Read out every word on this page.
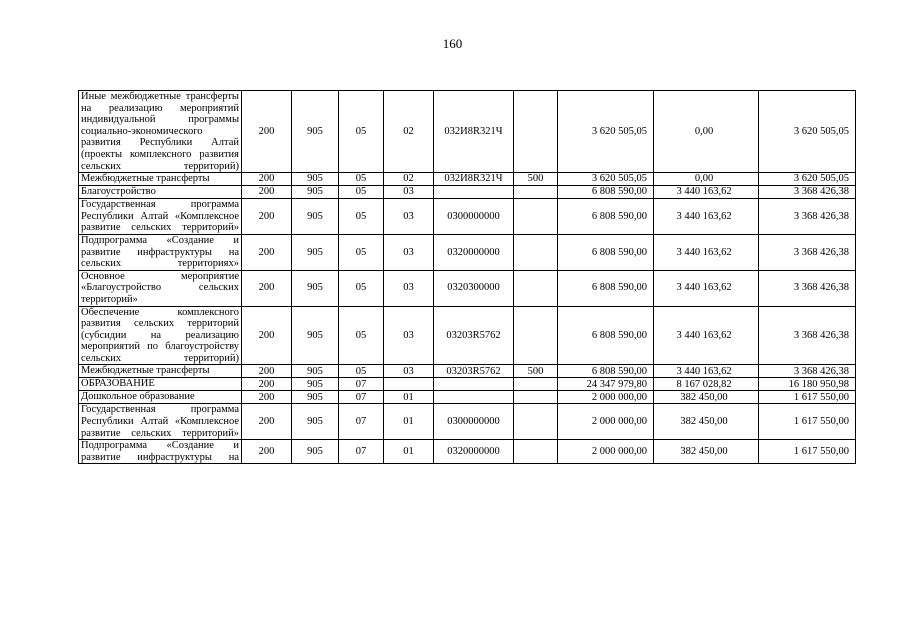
160
Иные межбюджетные трансферты на реализацию мероприятий индивидуальной программы социально-экономического развития Республики Алтай (проекты комплексного развития сельских территорий)	200	905	05	02	032И8R321Ч		3 620 505,05	0,00	3 620 505,05
Межбюджетные трансферты	200	905	05	02	032И8R321Ч	500	3 620 505,05	0,00	3 620 505,05
Благоустройство	200	905	05	03			6 808 590,00	3 440 163,62	3 368 426,38
Государственная программа Республики Алтай «Комплексное развитие сельских территорий»	200	905	05	03	0300000000		6 808 590,00	3 440 163,62	3 368 426,38
Подпрограмма «Создание и развитие инфраструктуры на сельских территориях»	200	905	05	03	0320000000		6 808 590,00	3 440 163,62	3 368 426,38
Основное мероприятие «Благоустройство сельских территорий»	200	905	05	03	0320300000		6 808 590,00	3 440 163,62	3 368 426,38
Обеспечение комплексного развития сельских территорий (субсидии на реализацию мероприятий по благоустройству сельских территорий)	200	905	05	03	03203R5762		6 808 590,00	3 440 163,62	3 368 426,38
Межбюджетные трансферты	200	905	05	03	03203R5762	500	6 808 590,00	3 440 163,62	3 368 426,38
ОБРАЗОВАНИЕ	200	905	07				24 347 979,80	8 167 028,82	16 180 950,98
Дошкольное образование	200	905	07	01			2 000 000,00	382 450,00	1 617 550,00
Государственная программа Республики Алтай «Комплексное развитие сельских территорий»	200	905	07	01	0300000000		2 000 000,00	382 450,00	1 617 550,00
Подпрограмма «Создание и развитие инфраструктуры на	200	905	07	01	0320000000		2 000 000,00	382 450,00	1 617 550,00
